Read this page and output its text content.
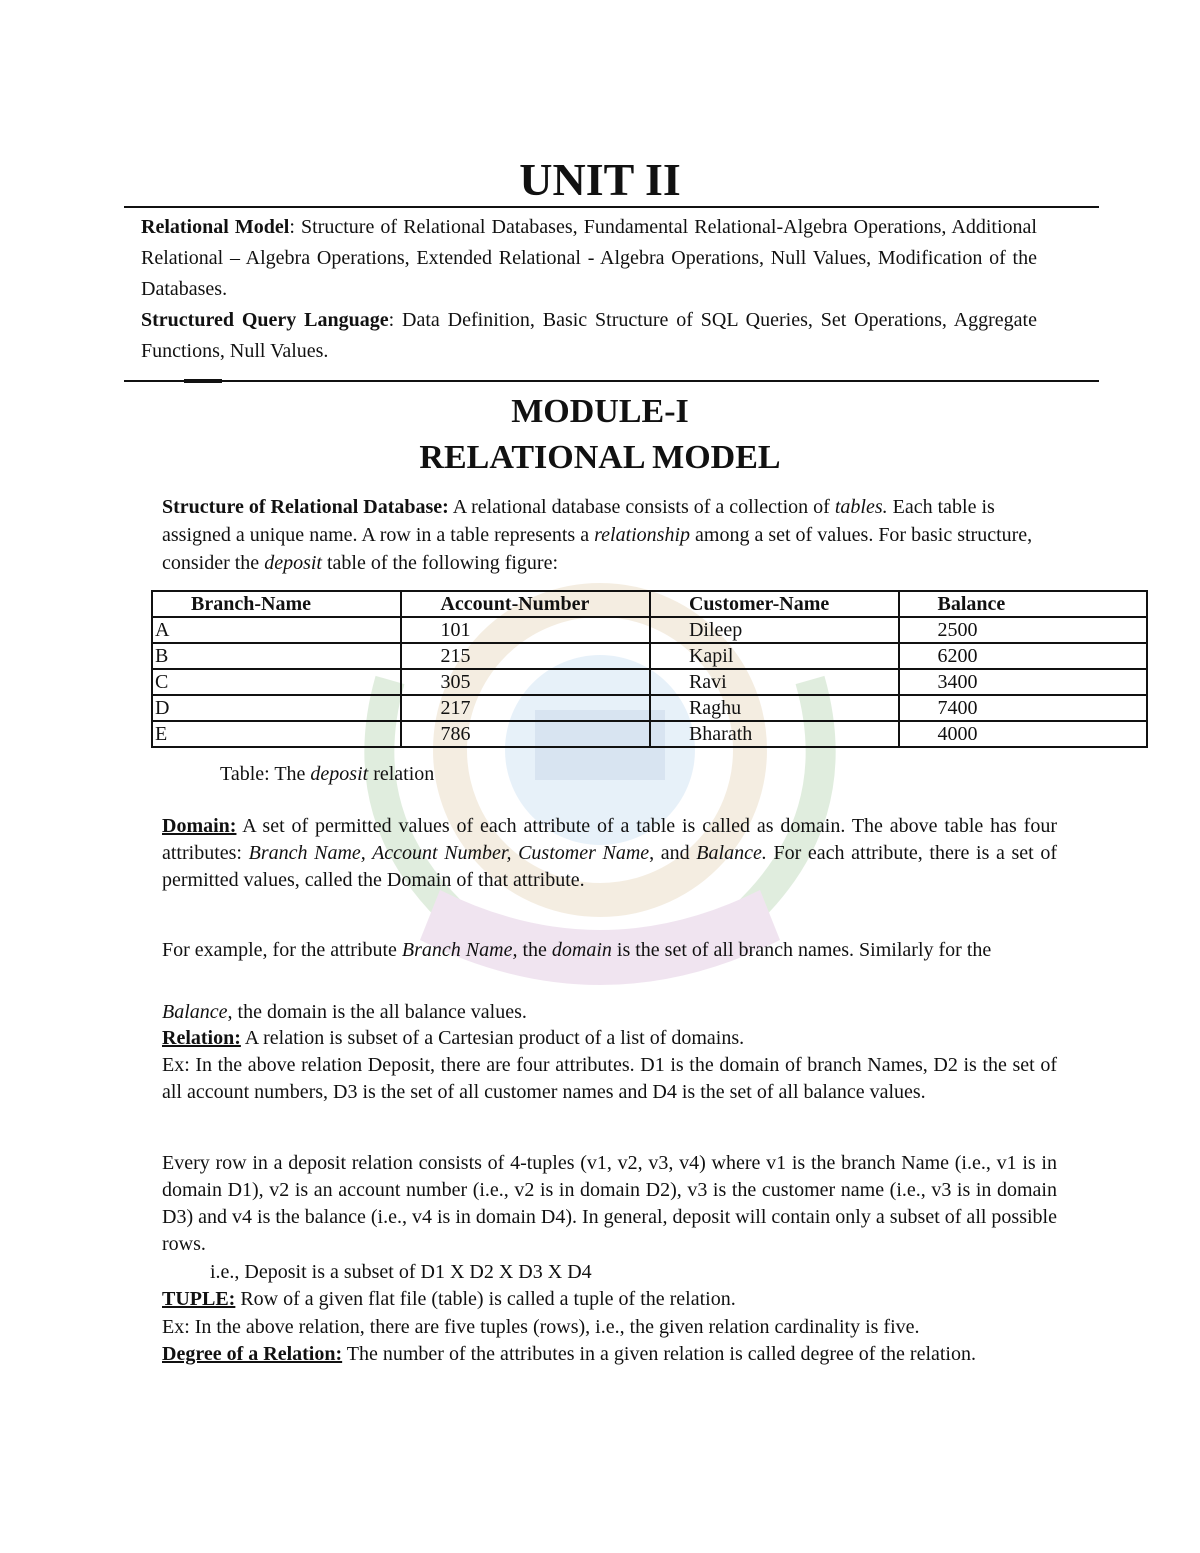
UNIT II

Relational Model: Structure of Relational Databases, Fundamental Relational-Algebra Operations, Additional Relational – Algebra Operations, Extended Relational - Algebra Operations, Null Values, Modification of the Databases.

Structured Query Language: Data Definition, Basic Structure of SQL Queries, Set Operations, Aggregate Functions, Null Values.

MODULE-I
RELATIONAL MODEL

Structure of Relational Database: A relational database consists of a collection of tables. Each table is assigned a unique name. A row in a table represents a relationship among a set of values. For basic structure, consider the deposit table of the following figure:

Branch-Name	Account-Number	Customer-Name	Balance
A	101	Dileep	2500
B	215	Kapil	6200
C	305	Ravi	3400
D	217	Raghu	7400
E	786	Bharath	4000

Table: The deposit relation

Domain: A set of permitted values of each attribute of a table is called as domain. The above table has four attributes: Branch Name, Account Number, Customer Name, and Balance. For each attribute, there is a set of permitted values, called the Domain of that attribute.

For example, for the attribute Branch Name, the domain is the set of all branch names. Similarly for the

Balance, the domain is the all balance values.

Relation: A relation is subset of a Cartesian product of a list of domains.

Ex: In the above relation Deposit, there are four attributes. D1 is the domain of branch Names, D2 is the set of all account numbers, D3 is the set of all customer names and D4 is the set of all balance values.

Every row in a deposit relation consists of 4-tuples (v1, v2, v3, v4) where v1 is the branch Name (i.e., v1 is in domain D1), v2 is an account number (i.e., v2 is in domain D2), v3 is the customer name (i.e., v3 is in domain D3) and v4 is the balance (i.e., v4 is in domain D4). In general, deposit will contain only a subset of all possible rows.

i.e., Deposit is a subset of D1 X D2 X D3 X D4

TUPLE: Row of a given flat file (table) is called a tuple of the relation.

Ex: In the above relation, there are five tuples (rows), i.e., the given relation cardinality is five.

Degree of a Relation: The number of the attributes in a given relation is called degree of the relation.
